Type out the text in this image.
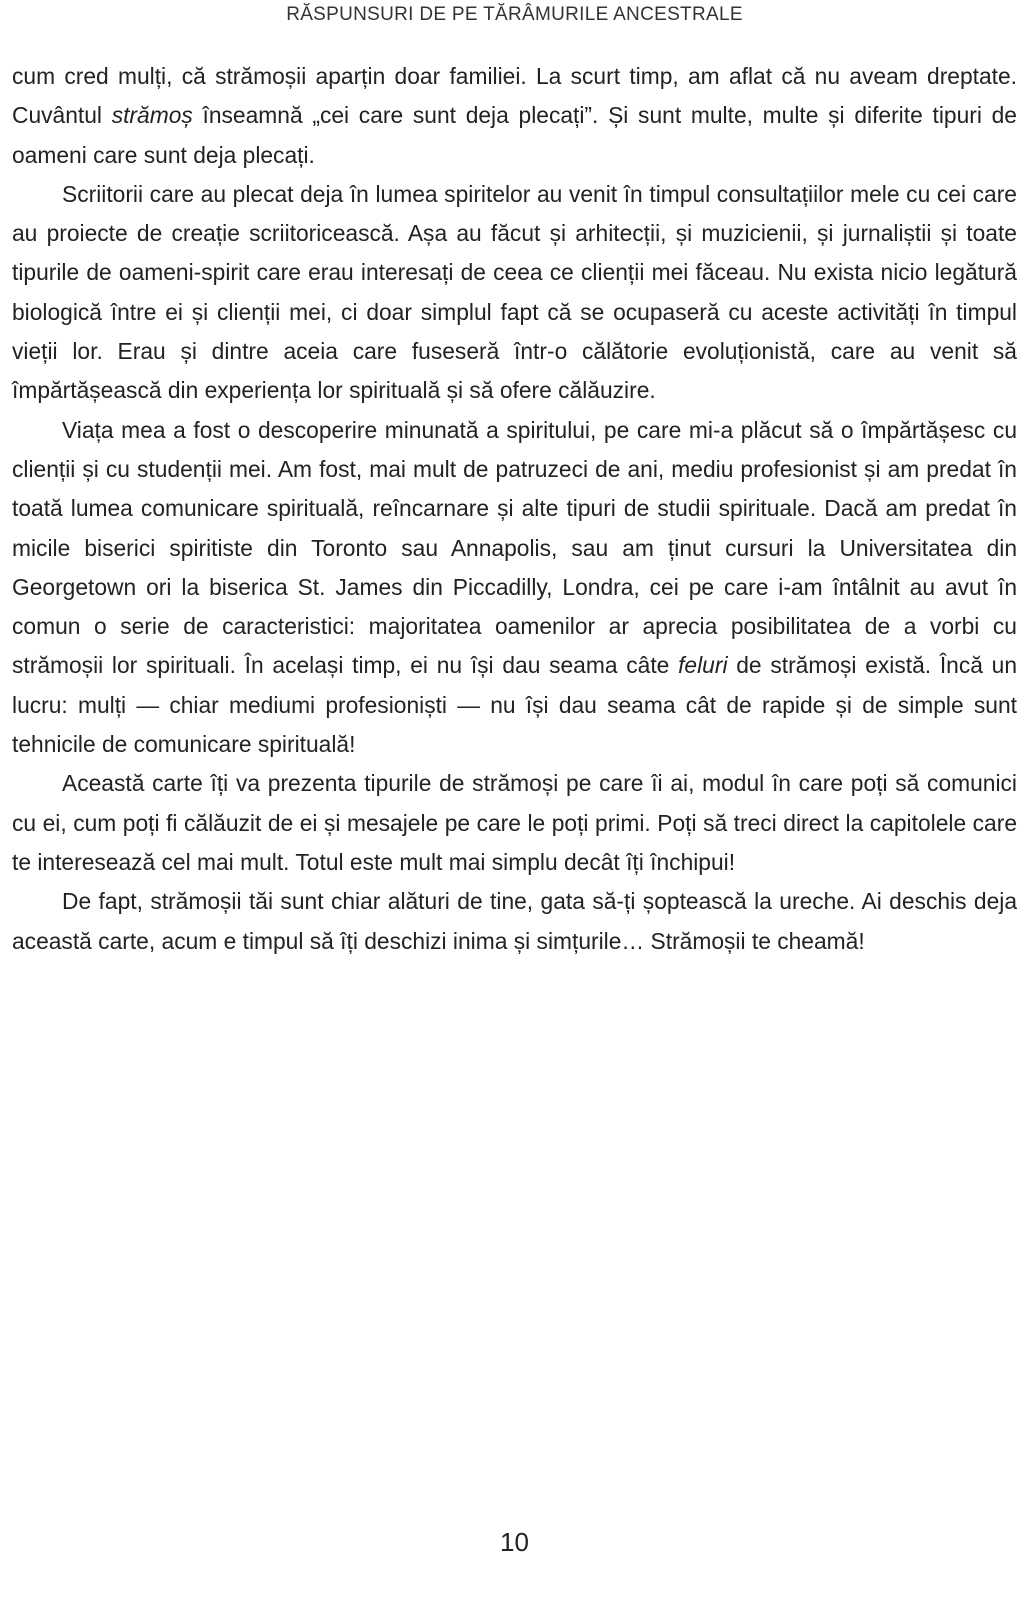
RĂSPUNSURI DE PE TĂRÂMURILE ANCESTRALE

cum cred mulți, că strămoșii aparțin doar familiei. La scurt timp, am aflat că nu aveam dreptate. Cuvântul strămoș înseamnă „cei care sunt deja plecați”. Și sunt multe, multe și diferite tipuri de oameni care sunt deja plecați.

Scriitorii care au plecat deja în lumea spiritelor au venit în timpul consultațiilor mele cu cei care au proiecte de creație scriitoricească. Așa au făcut și arhitecții, și muzicienii, și jurnaliștii și toate tipurile de oameni-spirit care erau interesați de ceea ce clienții mei făceau. Nu exista nicio legătură biologică între ei și clienții mei, ci doar simplul fapt că se ocupaseră cu aceste activități în timpul vieții lor. Erau și dintre aceia care fuseseră într-o călătorie evoluționistă, care au venit să împărtășească din experiența lor spirituală și să ofere călăuzire.

Viața mea a fost o descoperire minunată a spiritului, pe care mi-a plăcut să o împărtășesc cu clienții și cu studenții mei. Am fost, mai mult de patruzeci de ani, mediu profesionist și am predat în toată lumea comunicare spirituală, reîncarnare și alte tipuri de studii spirituale. Dacă am predat în micile biserici spiritiste din Toronto sau Annapolis, sau am ținut cursuri la Universitatea din Georgetown ori la biserica St. James din Piccadilly, Londra, cei pe care i-am întâlnit au avut în comun o serie de caracteristici: majoritatea oamenilor ar aprecia posibilitatea de a vorbi cu strămoșii lor spirituali. În același timp, ei nu își dau seama câte feluri de strămoși există. Încă un lucru: mulți — chiar mediumi profesioniști — nu își dau seama cât de rapide și de simple sunt tehnicile de comunicare spirituală!

Această carte îți va prezenta tipurile de strămoși pe care îi ai, modul în care poți să comunici cu ei, cum poți fi călăuzit de ei și mesajele pe care le poți primi. Poți să treci direct la capitolele care te interesează cel mai mult. Totul este mult mai simplu decât îți închipui!

De fapt, strămoșii tăi sunt chiar alături de tine, gata să-ți șoptească la ureche. Ai deschis deja această carte, acum e timpul să îți deschizi inima și simțurile… Strămoșii te cheamă!

10
